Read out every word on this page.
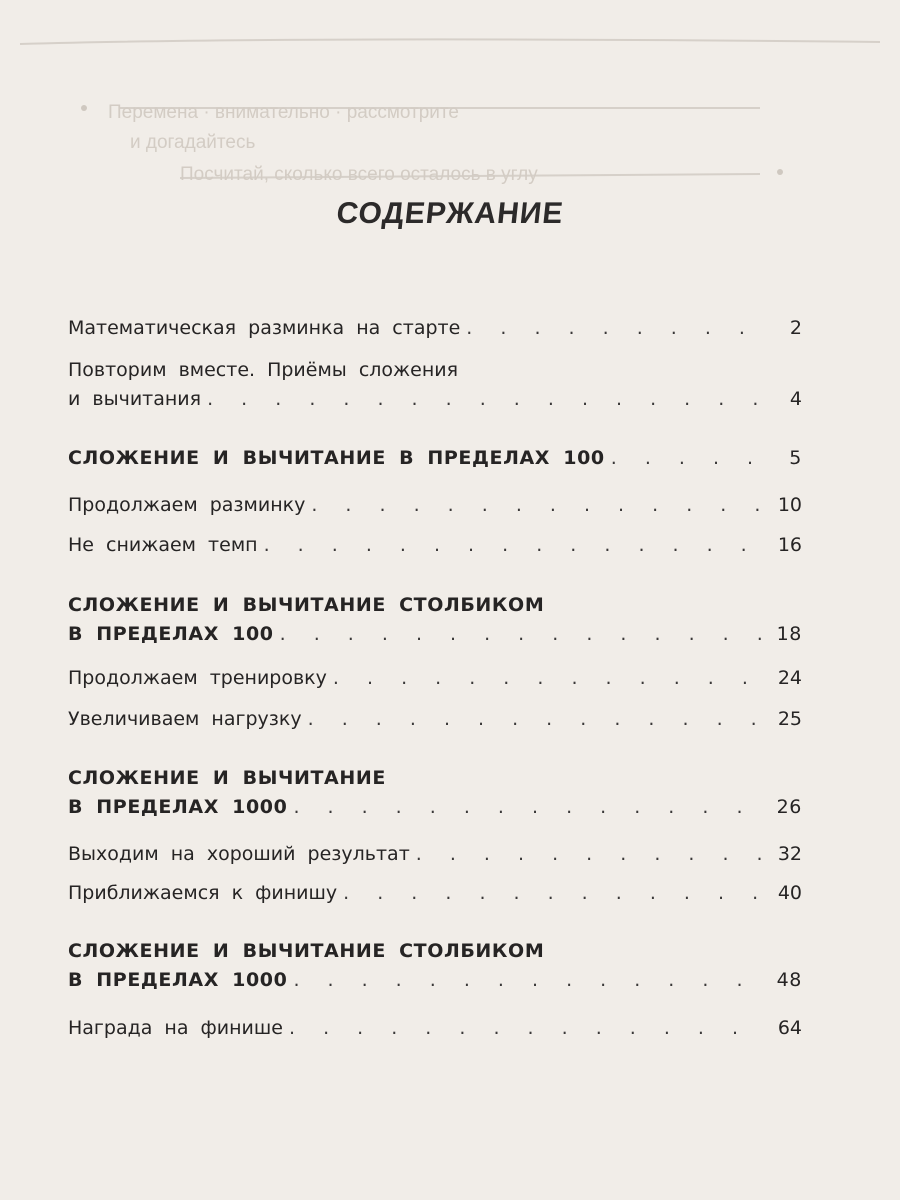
Перемена · внимательно · рассмотрите
и догадайтесь
Посчитай, сколько всего осталось в углу
СОДЕРЖАНИЕ
Математическая разминка на старте . . .	2
Повторим вместе. Приёмы сложения
и вычитания . . .	4
СЛОЖЕНИЕ И ВЫЧИТАНИЕ В ПРЕДЕЛАХ 100 . . .	5
Продолжаем разминку . . .	10
Не снижаем темп . . .	16
СЛОЖЕНИЕ И ВЫЧИТАНИЕ СТОЛБИКОМ
В ПРЕДЕЛАХ 100 . . .	18
Продолжаем тренировку . . .	24
Увеличиваем нагрузку . . .	25
СЛОЖЕНИЕ И ВЫЧИТАНИЕ
В ПРЕДЕЛАХ 1000 . . .	26
Выходим на хороший результат . . .	32
Приближаемся к финишу . . .	40
СЛОЖЕНИЕ И ВЫЧИТАНИЕ СТОЛБИКОМ
В ПРЕДЕЛАХ 1000 . . .	48
Награда на финише . . .	64
